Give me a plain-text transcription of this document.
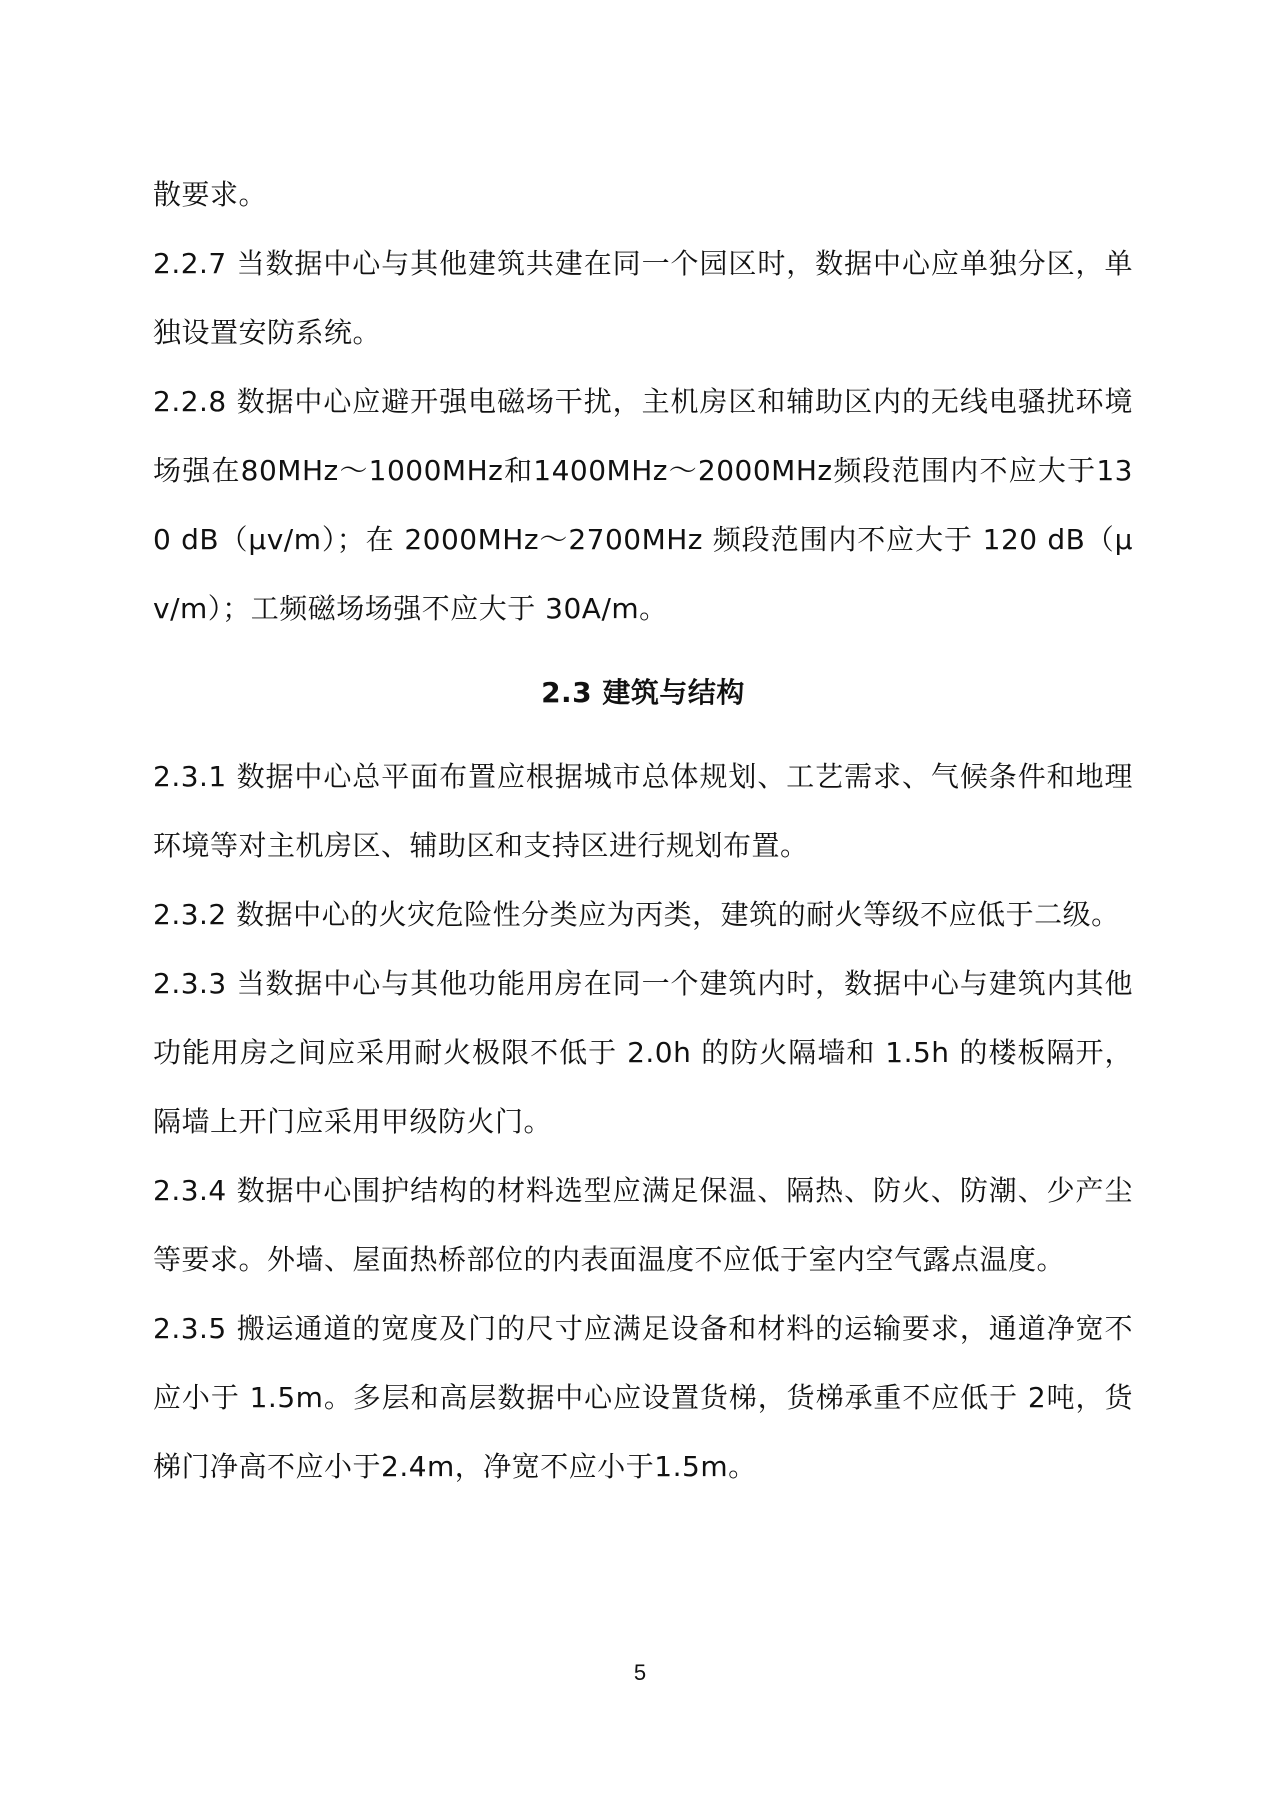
散要求。

2.2.7 当数据中心与其他建筑共建在同一个园区时，数据中心应单独分区，单独设置安防系统。

2.2.8 数据中心应避开强电磁场干扰，主机房区和辅助区内的无线电骚扰环境场强在80MHz～1000MHz和1400MHz～2000MHz频段范围内不应大于130 dB（μv/m）；在 2000MHz～2700MHz 频段范围内不应大于 120 dB（μv/m）；工频磁场场强不应大于 30A/m。

2.3 建筑与结构

2.3.1 数据中心总平面布置应根据城市总体规划、工艺需求、气候条件和地理环境等对主机房区、辅助区和支持区进行规划布置。

2.3.2 数据中心的火灾危险性分类应为丙类，建筑的耐火等级不应低于二级。

2.3.3 当数据中心与其他功能用房在同一个建筑内时，数据中心与建筑内其他功能用房之间应采用耐火极限不低于 2.0h 的防火隔墙和 1.5h 的楼板隔开，隔墙上开门应采用甲级防火门。

2.3.4 数据中心围护结构的材料选型应满足保温、隔热、防火、防潮、少产尘等要求。外墙、屋面热桥部位的内表面温度不应低于室内空气露点温度。

2.3.5 搬运通道的宽度及门的尺寸应满足设备和材料的运输要求，通道净宽不应小于 1.5m。多层和高层数据中心应设置货梯，货梯承重不应低于 2吨，货梯门净高不应小于2.4m，净宽不应小于1.5m。

5
